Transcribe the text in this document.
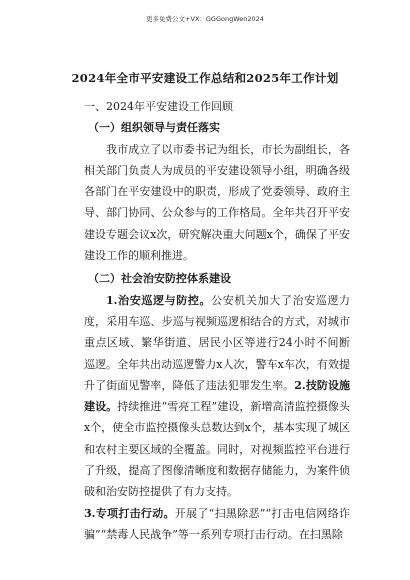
更多免费公文+VX：GGGongWen2024
2024年全市平安建设工作总结和2025年工作计划

一、2024年平安建设工作回顾

（一）组织领导与责任落实

我市成立了以市委书记为组长，市长为副组长，各相关部门负责人为成员的平安建设领导小组，明确各级各部门在平安建设中的职责，形成了党委领导、政府主导、部门协同、公众参与的工作格局。全年共召开平安建设专题会议x次，研究解决重大问题x个，确保了平安建设工作的顺利推进。

（二）社会治安防控体系建设

1.治安巡逻与防控。公安机关加大了治安巡逻力度，采用车巡、步巡与视频巡逻相结合的方式，对城市重点区域、繁华街道、居民小区等进行24小时不间断巡逻。全年共出动巡逻警力x人次，警车x车次，有效提升了街面见警率，降低了违法犯罪发生率。2.技防设施建设。持续推进“雪亮工程”建设，新增高清监控摄像头x个，使全市监控摄像头总数达到x个，基本实现了城区和农村主要区域的全覆盖。同时，对视频监控平台进行了升级，提高了图像清晰度和数据存储能力，为案件侦破和治安防控提供了有力支持。

3.专项打击行动。开展了“扫黑除恶”“打击电信网络诈骗”“禁毒人民战争”等一系列专项打击行动。在扫黑除
